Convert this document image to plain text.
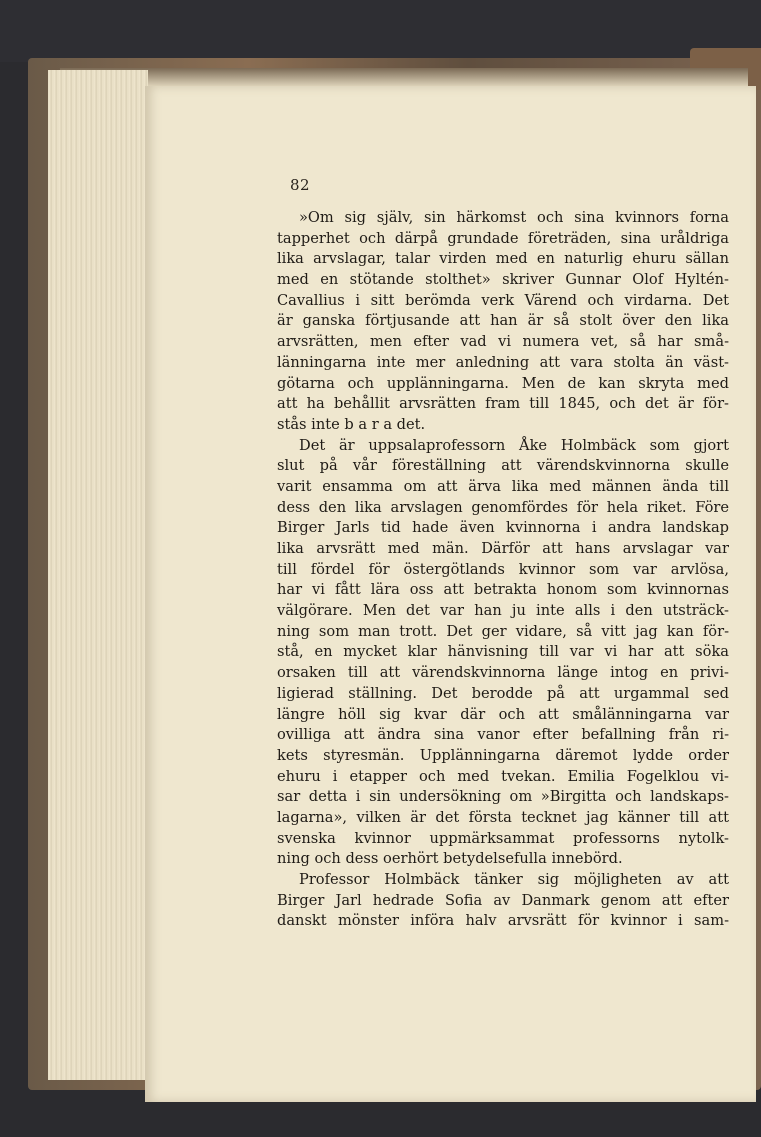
82
»Om sig själv, sin härkomst och sina kvinnors forna
tapperhet och därpå grundade företräden, sina uråldriga
lika arvslagar, talar virden med en naturlig ehuru sällan
med en stötande stolthet» skriver Gunnar Olof Hyltén-
Cavallius i sitt berömda verk Värend och virdarna. Det
är ganska förtjusande att han är så stolt över den lika
arvsrätten, men efter vad vi numera vet, så har små-
länningarna inte mer anledning att vara stolta än väst-
götarna och upplänningarna. Men de kan skryta med
att ha behållit arvsrätten fram till 1845, och det är för-
stås inte b a r a det.
Det är uppsalaprofessorn Åke Holmbäck som gjort
slut på vår föreställning att värendskvinnorna skulle
varit ensamma om att ärva lika med männen ända till
dess den lika arvslagen genomfördes för hela riket. Före
Birger Jarls tid hade även kvinnorna i andra landskap
lika arvsrätt med män. Därför att hans arvslagar var
till fördel för östergötlands kvinnor som var arvlösa,
har vi fått lära oss att betrakta honom som kvinnornas
välgörare. Men det var han ju inte alls i den utsträck-
ning som man trott. Det ger vidare, så vitt jag kan för-
stå, en mycket klar hänvisning till var vi har att söka
orsaken till att värendskvinnorna länge intog en privi-
ligierad ställning. Det berodde på att urgammal sed
längre höll sig kvar där och att smålänningarna var
ovilliga att ändra sina vanor efter befallning från ri-
kets styresmän. Upplänningarna däremot lydde order
ehuru i etapper och med tvekan. Emilia Fogelklou vi-
sar detta i sin undersökning om »Birgitta och landskaps-
lagarna», vilken är det första tecknet jag känner till att
svenska kvinnor uppmärksammat professorns nytolk-
ning och dess oerhört betydelsefulla innebörd.
Professor Holmbäck tänker sig möjligheten av att
Birger Jarl hedrade Sofia av Danmark genom att efter
danskt mönster införa halv arvsrätt för kvinnor i sam-
